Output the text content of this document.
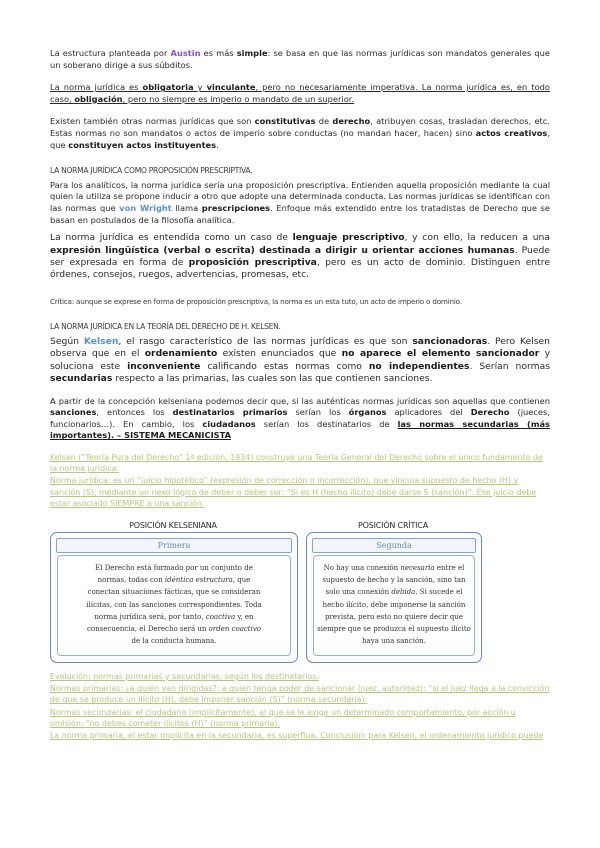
La estructura planteada por Austin es más simple: se basa en que las normas jurídicas son mandatos generales que un soberano dirige a sus súbditos.

La norma jurídica es obligatoria y vinculante, pero no necesariamente imperativa. La norma jurídica es, en todo caso, obligación, pero no siempre es imperio o mandato de un superior.

Existen también otras normas jurídicas que son constitutivas de derecho, atribuyen cosas, trasladan derechos, etc. Estas normas no son mandatos o actos de imperio sobre conductas (no mandan hacer, hacen) sino actos creativos, que constituyen actos instituyentes.

LA NORMA JURÍDICA COMO PROPOSICIÓN PRESCRIPTIVA.

Para los analíticos, la norma jurídica sería una proposición prescriptiva. Entienden aquella proposición mediante la cual quien la utiliza se propone inducir a otro que adopte una determinada conducta. Las normas jurídicas se identifican con las normas que von Wright llama prescripciones. Enfoque más extendido entre los tratadistas de Derecho que se basan en postulados de la filosofía analítica.

La norma jurídica es entendida como un caso de lenguaje prescriptivo, y con ello, la reducen a una expresión lingüística (verbal o escrita) destinada a dirigir u orientar acciones humanas. Puede ser expresada en forma de proposición prescriptiva, pero es un acto de dominio. Distinguen entre órdenes, consejos, ruegos, advertencias, promesas, etc.

Crítica: aunque se exprese en forma de proposición prescriptiva, la norma es un esta tuto, un acto de imperio o dominio.

LA NORMA JURÍDICA EN LA TEORÍA DEL DERECHO DE H. KELSEN.

Según Kelsen, el rasgo característico de las normas jurídicas es que son sancionadoras. Pero Kelsen observa que en el ordenamiento existen enunciados que no aparece el elemento sancionador y soluciona este inconveniente calificando estas normas como no independientes. Serían normas secundarias respecto a las primarias, las cuales son las que contienen sanciones.

A partir de la concepción kelseniana podemos decir que, si las auténticas normas jurídicas son aquellas que contienen sanciones, entonces los destinatarios primarios serían los órganos aplicadores del Derecho (jueces, funcionarios…). En cambio, los ciudadanos serían los destinatarios de las normas secundarias (más importantes). – SISTEMA MECANICISTA

Kelsen (“Teoría Pura del Derecho” 1ª edición, 1934) construye una Teoría General del Derecho sobre el único fundamento de la norma jurídica.

Norma jurídica: es un “juicio hipotético” (expresión de corrección o incorrección), que vincula supuesto de hecho (H) y sanción (S), mediante un nexo lógico de deber o deber ser: “Si es H (hecho ilícito) debe darse S (sanción)”. Ese juicio debe estar asociado SIEMPRE a una sanción.

POSICIÓN KELSENIANA	POSICIÓN CRÍTICA
Primera
El Derecho está formado por un conjunto de
normas, todas con idéntica estructura, que
conectan situaciones fácticas, que se consideran
ilícitas, con las sanciones correspondientes. Toda
norma jurídica será, por tanto, coactiva y, en
consecuencia, el Derecho será un orden coactivo
de la conducta humana.
Segunda
No hay una conexión necesaria entre el
supuesto de hecho y la sanción, sino tan
solo una conexión debida. Si sucede el
hecho ilícito, debe imponerse la sanción
prevista, pero esto no quiere decir que
siempre que se produzca el supuesto ilícito
haya una sanción.

Evolución: normas primarias y secundarias, según los destinatarios.

Normas primarias: ¿a quién van dirigidas?: a quien tenga poder de sancionar (juez, autoridad): “si el juez llega a la convicción de que se produce un ilícito (H), debe imponer sanción (S)” (norma secundaria).

Normas secundarias: el ciudadano (implícitamente), al que se le exige un determinado comportamiento, por acción u omisión: “no debes cometer ilícitos (H)” (norma primaria).

La norma primaria, el estar implícita en la secundaria, es superflua. Conclusión: para Kelsen, el ordenamiento jurídico puede
